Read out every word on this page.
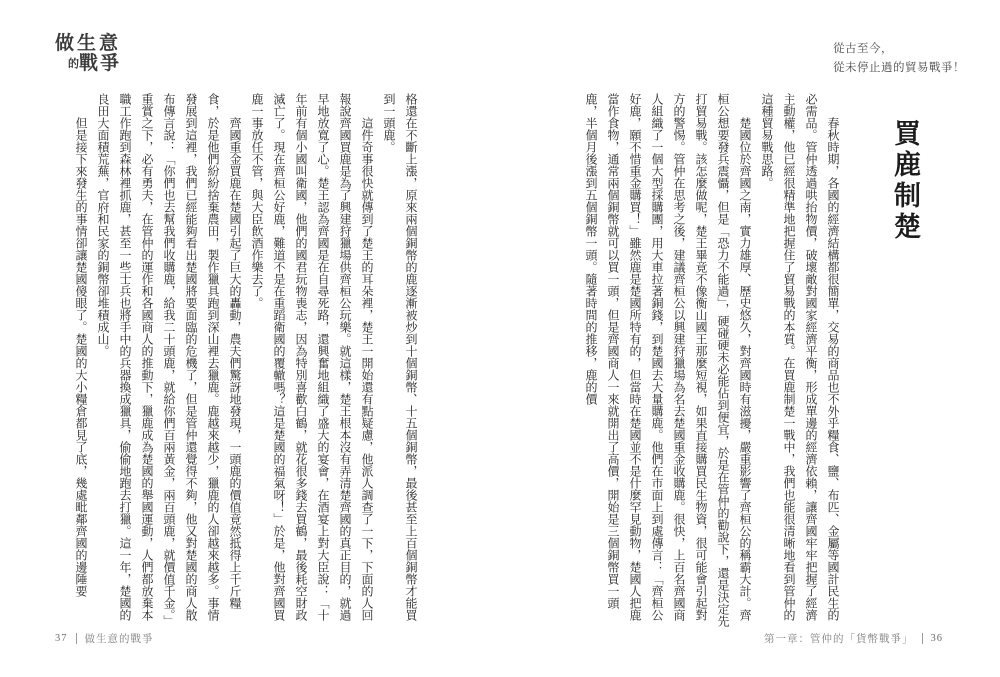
做生意
的戰爭
從古至今，
從未停止過的貿易戰爭！
買鹿制楚

春秋時期，各國的經濟結構都很簡單，交易的商品也不外乎糧食、鹽、布匹、金屬等國計民生的必需品。管仲透過哄抬物價，破壞敵對國家經濟平衡，形成單邊的經濟依賴，讓齊國牢牢把握了經濟主動權，他已經很精準地把握住了貿易戰的本質。在買鹿制楚一戰中，我們也能很清晰地看到管仲的這種貿易戰思路。

楚國位於齊國之南，實力雄厚、歷史悠久，對齊國時有滋擾，嚴重影響了齊桓公的稱霸大計。齊桓公想要發兵震懾，但是「恐力不能過」，硬碰硬未必能佔到便宜，於是在管仲的勸說下，還是決定先打貿易戰。該怎麼做呢，楚王畢竟不像衡山國王那麼短視，如果直接購買民生物資，很可能會引起對方的警惕。管仲在思考之後，建議齊桓公以興建狩獵場為名去楚國重金收購鹿。很快，上百名齊國商人組織了一個大型採購團，用大車拉著銅錢，到楚國去大量購鹿。他們在市面上到處傳言：「齊桓公好鹿，願不惜重金購買！」雖然鹿是楚國所特有的，但當時在楚國並不是什麼罕見動物，楚國人把鹿當作食物，通常兩個銅幣就可以買一頭，但是齊國商人一來就開出了高價，開始是三個銅幣買一頭鹿，半個月後漲到五個銅幣一頭。隨著時間的推移，鹿的價

格還在不斷上漲，原來兩個銅幣的鹿逐漸被炒到十個銅幣、十五個銅幣，最後甚至上百個銅幣才能買到一頭鹿。

這件奇事很快就傳到了楚王的耳朵裡，楚王一開始還有點疑慮，他派人調查了一下，下面的人回報說齊國買鹿是為了興建狩獵場供齊桓公玩樂。就這樣，楚王根本沒有弄清楚齊國的真正目的，就過早地放寬了心。楚王認為齊國是在自尋死路，還興奮地組織了盛大的宴會，在酒宴上對大臣說：「十年前有個小國叫衛國，他們的國君玩物喪志，因為特別喜歡白鶴，就花很多錢去買鶴，最後耗空財政滅亡了。現在齊桓公好鹿，難道不是在重蹈衛國的覆轍嗎？這是楚國的福氣呀！」於是，他對齊國買鹿一事放任不管，與大臣飲酒作樂去了。

齊國重金買鹿在楚國引起了巨大的轟動，農夫們驚訝地發現，一頭鹿的價值竟然抵得上千斤糧食，於是他們紛紛捨棄農田，製作獵具跑到深山裡去獵鹿。鹿越來越少，獵鹿的人卻越來越多。事情發展到這裡，我們已經能夠看出楚國將要面臨的危機了，但是管仲還覺得不夠，他又對楚國的商人散布傳言說：「你們也去幫我們收購鹿，給我二十頭鹿，就給你們百兩黃金，兩百頭鹿，就價值千金。」重賞之下，必有勇夫，在管仲的運作和各國商人的推動下，獵鹿成為楚國的舉國運動，人們都放棄本職工作跑到森林裡抓鹿，甚至一些士兵也將手中的兵器換成獵具，偷偷地跑去打獵。這一年，楚國的良田大面積荒蕪，官府和民家的銅幣卻堆積成山。

但是接下來發生的事情卻讓楚國傻眼了。楚國的大小糧倉都見了底，幾處毗鄰齊國的邊陲要

37 做生意的戰爭	第一章：管仲的「貨幣戰爭」 36
